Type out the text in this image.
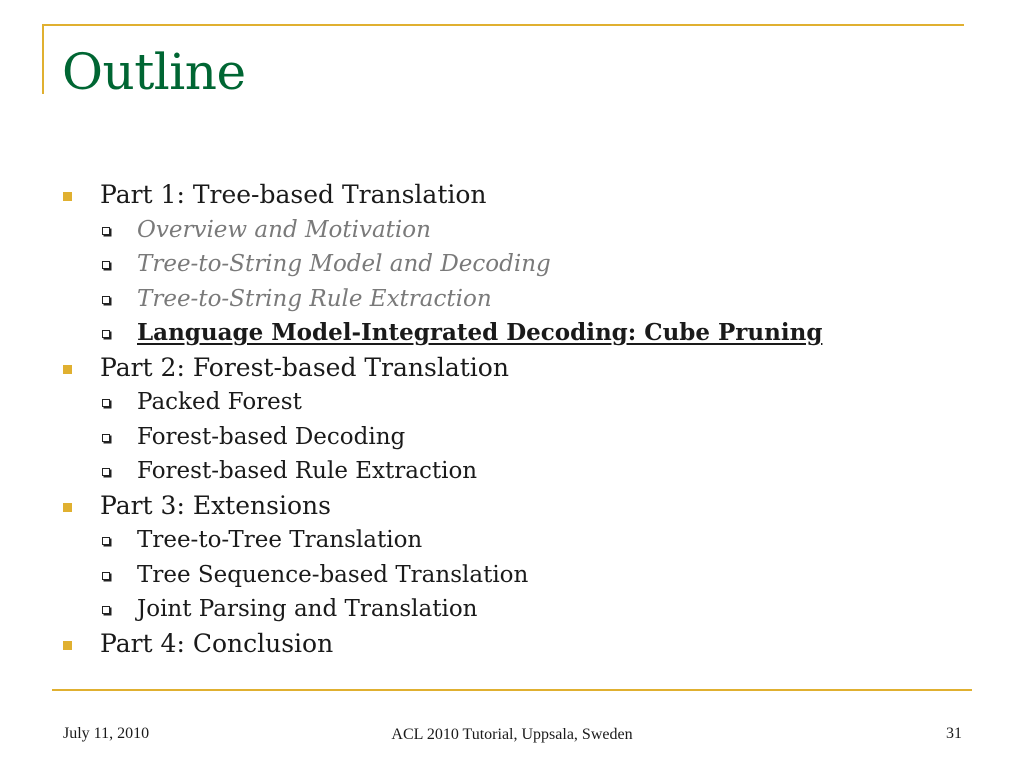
Outline
Part 1: Tree-based Translation
Overview and Motivation
Tree-to-String Model and Decoding
Tree-to-String Rule Extraction
Language Model-Integrated Decoding: Cube Pruning
Part 2: Forest-based Translation
Packed Forest
Forest-based Decoding
Forest-based Rule Extraction
Part 3: Extensions
Tree-to-Tree Translation
Tree Sequence-based Translation
Joint Parsing and Translation
Part 4: Conclusion
July 11, 2010	ACL 2010 Tutorial, Uppsala, Sweden	31
